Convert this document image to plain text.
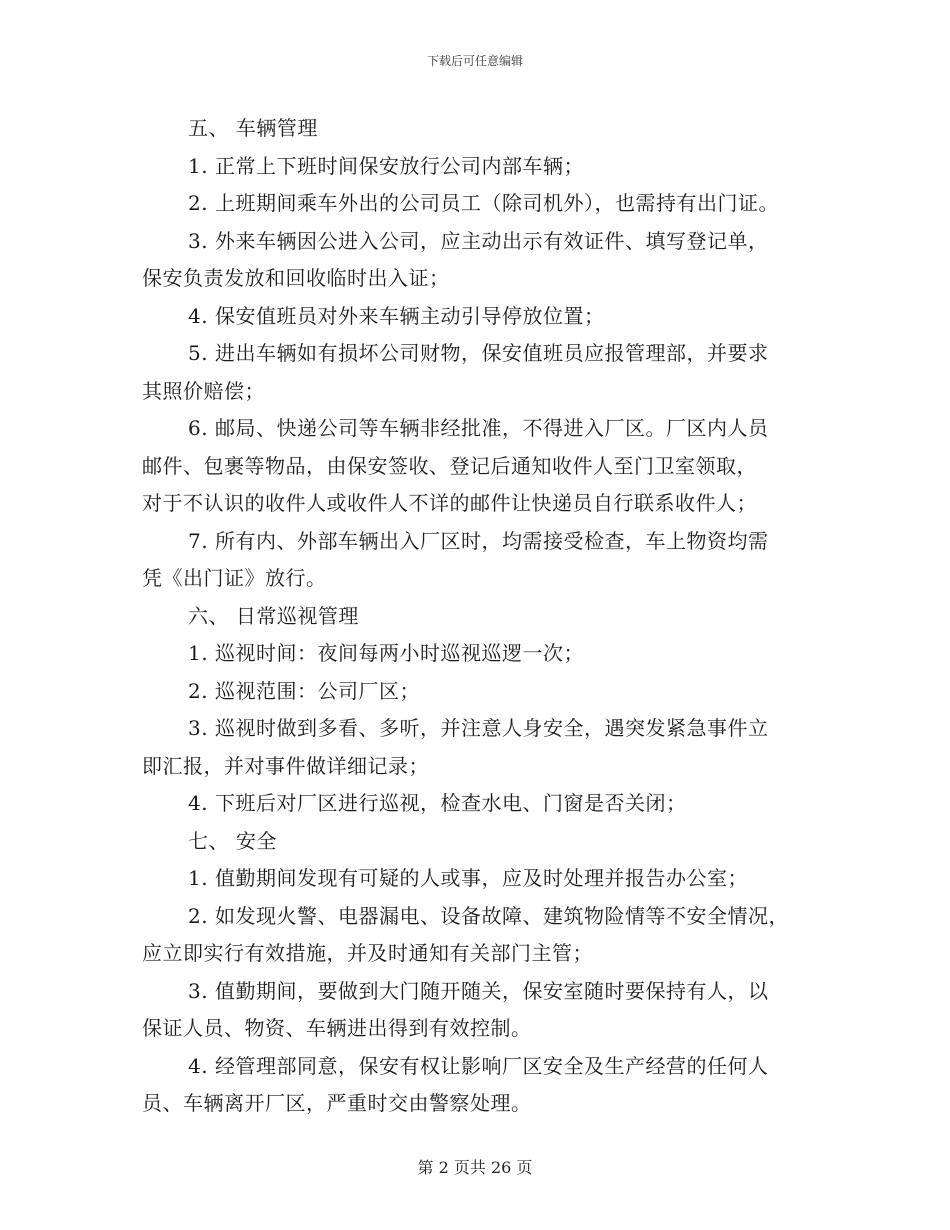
下载后可任意编辑
五、 车辆管理
1. 正常上下班时间保安放行公司内部车辆；
2. 上班期间乘车外出的公司员工（除司机外），也需持有出门证。
3. 外来车辆因公进入公司，应主动出示有效证件、填写登记单，
保安负责发放和回收临时出入证；
4. 保安值班员对外来车辆主动引导停放位置；
5. 进出车辆如有损坏公司财物，保安值班员应报管理部，并要求
其照价赔偿；
6. 邮局、快递公司等车辆非经批准，不得进入厂区。厂区内人员
邮件、包裹等物品，由保安签收、登记后通知收件人至门卫室领取，
对于不认识的收件人或收件人不详的邮件让快递员自行联系收件人；
7. 所有内、外部车辆出入厂区时，均需接受检查，车上物资均需
凭《出门证》放行。
六、 日常巡视管理
1. 巡视时间：夜间每两小时巡视巡逻一次；
2. 巡视范围：公司厂区；
3. 巡视时做到多看、多听，并注意人身安全，遇突发紧急事件立
即汇报，并对事件做详细记录；
4. 下班后对厂区进行巡视，检查水电、门窗是否关闭；
七、 安全
1. 值勤期间发现有可疑的人或事，应及时处理并报告办公室；
2. 如发现火警、电器漏电、设备故障、建筑物险情等不安全情况，
应立即实行有效措施，并及时通知有关部门主管；
3. 值勤期间，要做到大门随开随关，保安室随时要保持有人，以
保证人员、物资、车辆进出得到有效控制。
4. 经管理部同意，保安有权让影响厂区安全及生产经营的任何人
员、车辆离开厂区，严重时交由警察处理。
第 2 页共 26 页
